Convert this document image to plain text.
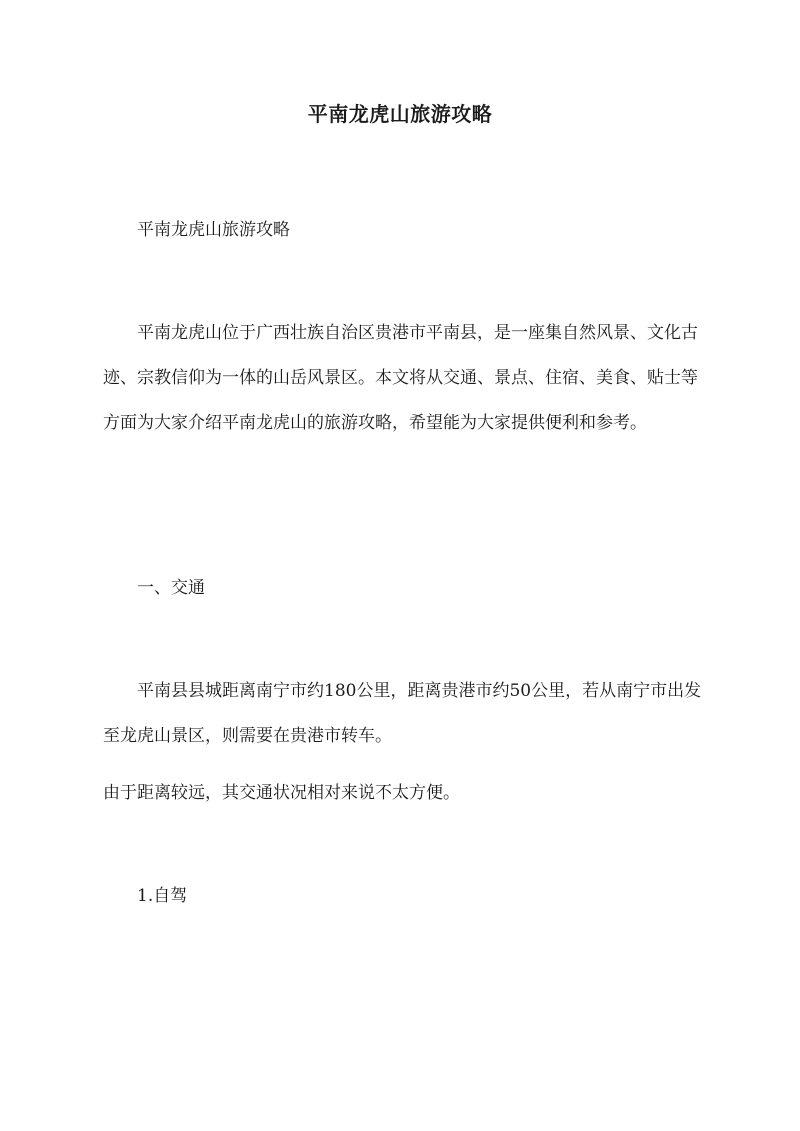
平南龙虎山旅游攻略

平南龙虎山旅游攻略

平南龙虎山位于广西壮族自治区贵港市平南县，是一座集自然风景、文化古迹、宗教信仰为一体的山岳风景区。本文将从交通、景点、住宿、美食、贴士等方面为大家介绍平南龙虎山的旅游攻略，希望能为大家提供便利和参考。

一、交通

平南县县城距离南宁市约180公里，距离贵港市约50公里，若从南宁市出发至龙虎山景区，则需要在贵港市转车。

由于距离较远，其交通状况相对来说不太方便。

1.自驾
